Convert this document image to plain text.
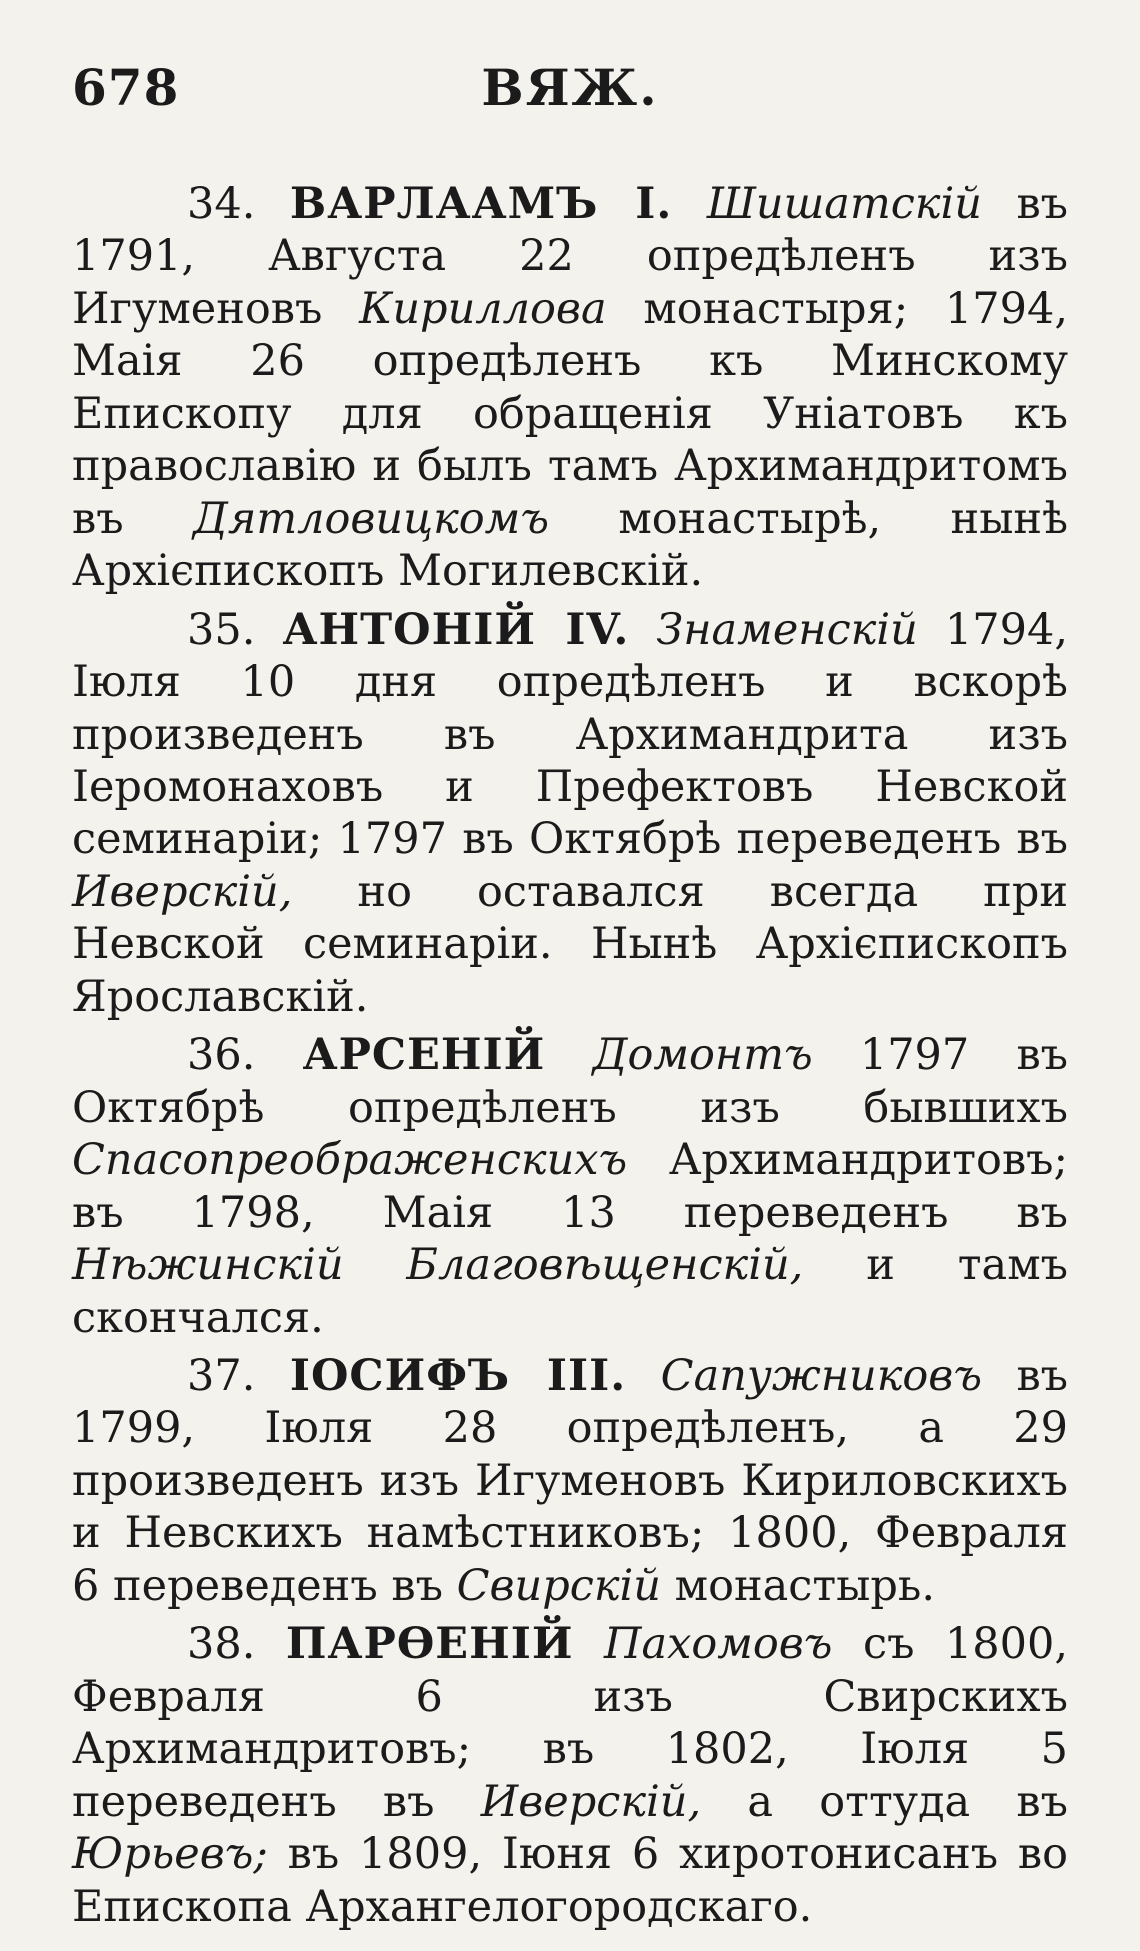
678	ВЯЖ.

34. ВАРЛААМЪ I. Шишатскій въ 1791, Августа 22 опредѣленъ изъ Игуменовъ Кириллова монастыря; 1794, Маія 26 опредѣленъ къ Минскому Епископу для обращенія Уніатовъ къ православію и былъ тамъ Архимандритомъ въ Дятловицкомъ монастырѣ, нынѣ Архієпископъ Могилевскій.

35. АНТОНІЙ IV. Знаменскій 1794, Іюля 10 дня опредѣленъ и вскорѣ произведенъ въ Архимандрита изъ Іеромонаховъ и Префектовъ Невской семинаріи; 1797 въ Октябрѣ переведенъ въ Иверскій, но оставался всегда при Невской семинаріи. Нынѣ Архієпископъ Ярославскій.

36. АРСЕНІЙ Домонтъ 1797 въ Октябрѣ опредѣленъ изъ бывшихъ Спасопреображенскихъ Архимандритовъ; въ 1798, Маія 13 переведенъ въ Нѣжинскій Благовѣщенскій, и тамъ скончался.

37. ІОСИФЪ III. Сапужниковъ въ 1799, Іюля 28 опредѣленъ, а 29 произведенъ изъ Игуменовъ Кириловскихъ и Невскихъ намѣстниковъ; 1800, Февраля 6 переведенъ въ Свирскій монастырь.

38. ПАРѲЕНІЙ Пахомовъ съ 1800, Февраля 6 изъ Свирскихъ Архимандритовъ; въ 1802, Іюля 5 переведенъ въ Иверскій, а оттуда въ Юрьевъ; въ 1809, Іюня 6 хиротонисанъ во Епископа Архангелогородскаго.
